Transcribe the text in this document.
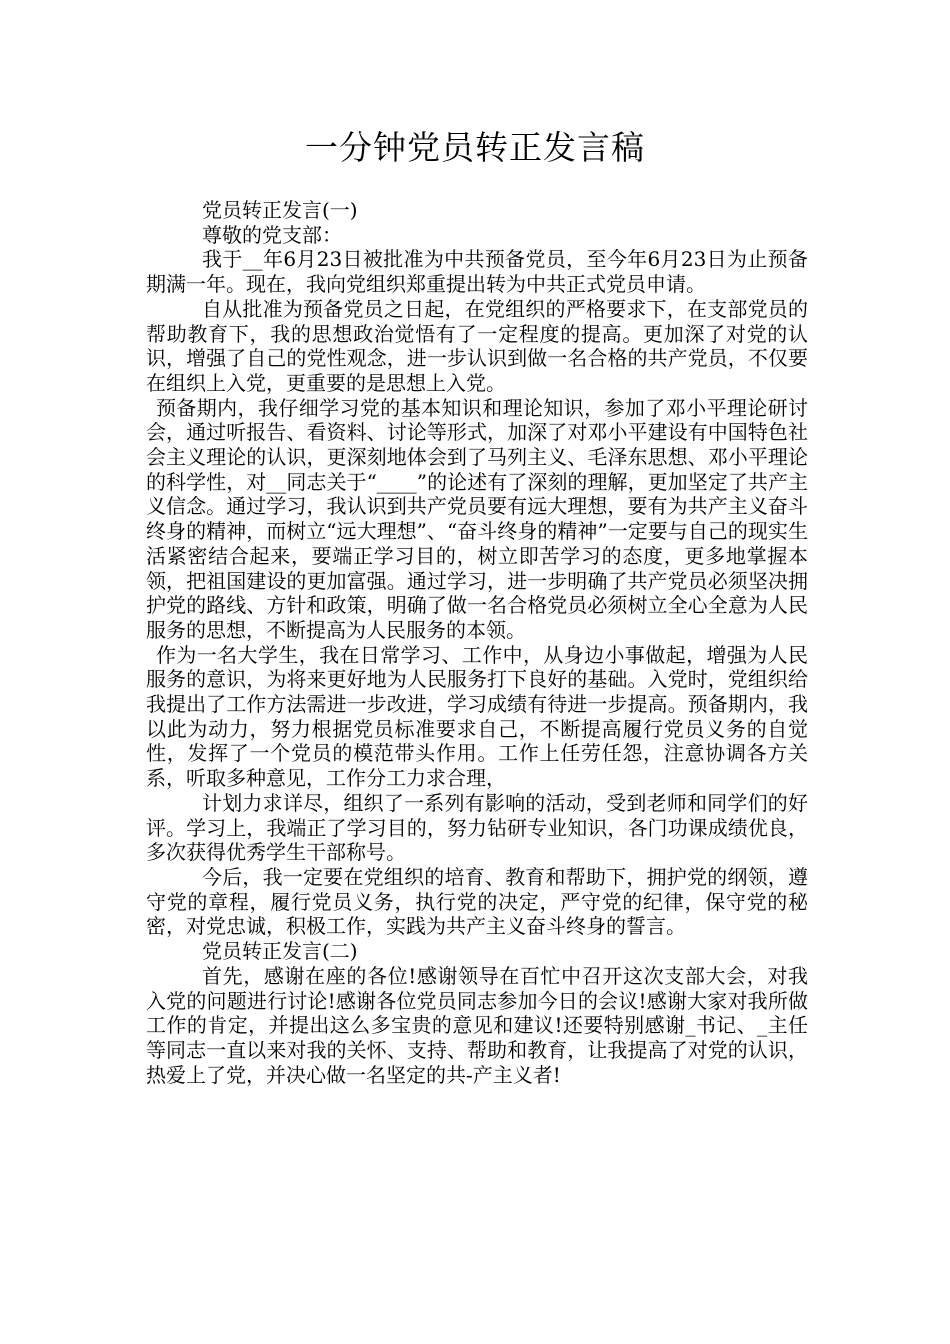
一分钟党员转正发言稿

党员转正发言(一)

尊敬的党支部：

我于__年6月23日被批准为中共预备党员，至今年6月23日为止预备期满一年。现在，我向党组织郑重提出转为中共正式党员申请。

自从批准为预备党员之日起，在党组织的严格要求下，在支部党员的帮助教育下，我的思想政治觉悟有了一定程度的提高。更加深了对党的认识，增强了自己的党性观念，进一步认识到做一名合格的共产党员，不仅要在组织上入党，更重要的是思想上入党。

预备期内，我仔细学习党的基本知识和理论知识，参加了邓小平理论研讨会，通过听报告、看资料、讨论等形式，加深了对邓小平建设有中国特色社会主义理论的认识，更深刻地体会到了马列主义、毛泽东思想、邓小平理论的科学性，对__同志关于“____”的论述有了深刻的理解，更加坚定了共产主义信念。通过学习，我认识到共产党员要有远大理想，要有为共产主义奋斗终身的精神，而树立“远大理想”、“奋斗终身的精神”一定要与自己的现实生活紧密结合起来，要端正学习目的，树立即苦学习的态度，更多地掌握本领，把祖国建设的更加富强。通过学习，进一步明确了共产党员必须坚决拥护党的路线、方针和政策，明确了做一名合格党员必须树立全心全意为人民服务的思想，不断提高为人民服务的本领。

作为一名大学生，我在日常学习、工作中，从身边小事做起，增强为人民服务的意识，为将来更好地为人民服务打下良好的基础。入党时，党组织给我提出了工作方法需进一步改进，学习成绩有待进一步提高。预备期内，我以此为动力，努力根据党员标准要求自己，不断提高履行党员义务的自觉性，发挥了一个党员的模范带头作用。工作上任劳任怨，注意协调各方关系，听取多种意见，工作分工力求合理，

计划力求详尽，组织了一系列有影响的活动，受到老师和同学们的好评。学习上，我端正了学习目的，努力钻研专业知识，各门功课成绩优良，多次获得优秀学生干部称号。

今后，我一定要在党组织的培育、教育和帮助下，拥护党的纲领，遵守党的章程，履行党员义务，执行党的决定，严守党的纪律，保守党的秘密，对党忠诚，积极工作，实践为共产主义奋斗终身的誓言。

党员转正发言(二)

首先，感谢在座的各位!感谢领导在百忙中召开这次支部大会，对我入党的问题进行讨论!感谢各位党员同志参加今日的会议!感谢大家对我所做工作的肯定，并提出这么多宝贵的意见和建议!还要特别感谢_书记、_主任等同志一直以来对我的关怀、支持、帮助和教育，让我提高了对党的认识，热爱上了党，并决心做一名坚定的共-产主义者!
